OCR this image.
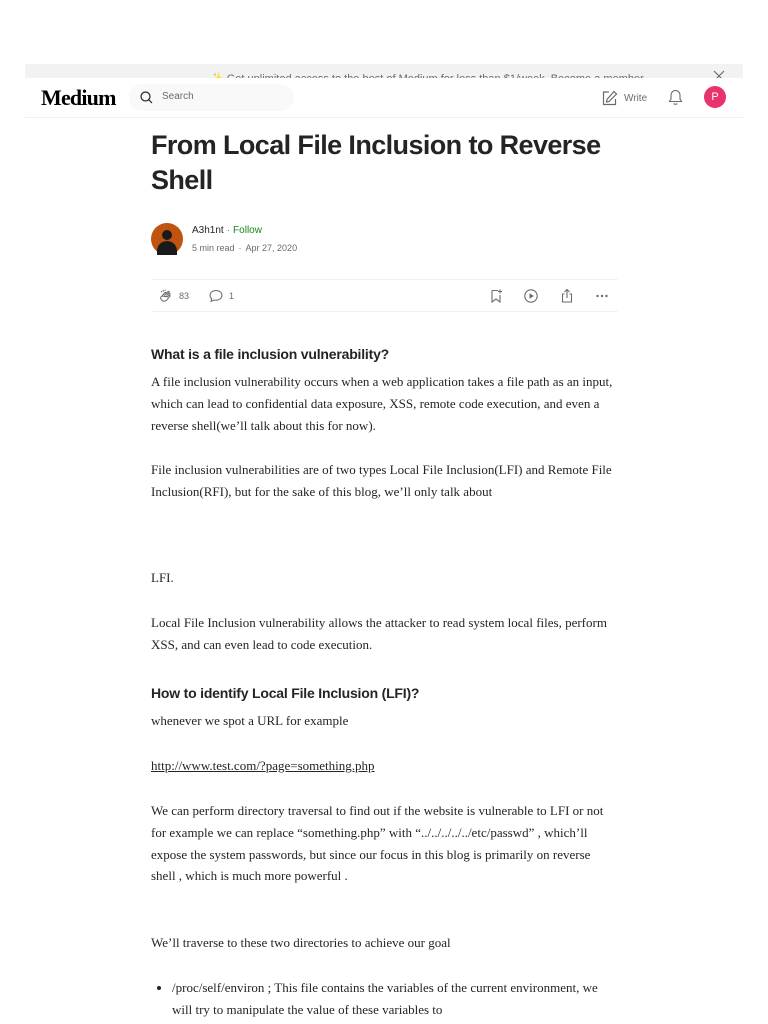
Medium	Search	Write	P
From Local File Inclusion to Reverse Shell
A3h1nt · Follow
5 min read · Apr 27, 2020
83	1
What is a file inclusion vulnerability?

A file inclusion vulnerability occurs when a web application takes a file path as an input, which can lead to confidential data exposure, XSS, remote code execution, and even a reverse shell(we’ll talk about this for now).

File inclusion vulnerabilities are of two types Local File Inclusion(LFI) and Remote File Inclusion(RFI), but for the sake of this blog, we’ll only talk about

LFI.

Local File Inclusion vulnerability allows the attacker to read system local files, perform XSS, and can even lead to code execution.

How to identify Local File Inclusion (LFI)?

whenever we spot a URL for example

http://www.test.com/?page=something.php

We can perform directory traversal to find out if the website is vulnerable to LFI or not for example we can replace “something.php” with “../../../../../etc/passwd” , which’ll expose the system passwords, but since our focus in this blog is primarily on reverse shell , which is much more powerful .

We’ll traverse to these two directories to achieve our goal

• /proc/self/environ ; This file contains the variables of the current environment, we will try to manipulate the value of these variables to
